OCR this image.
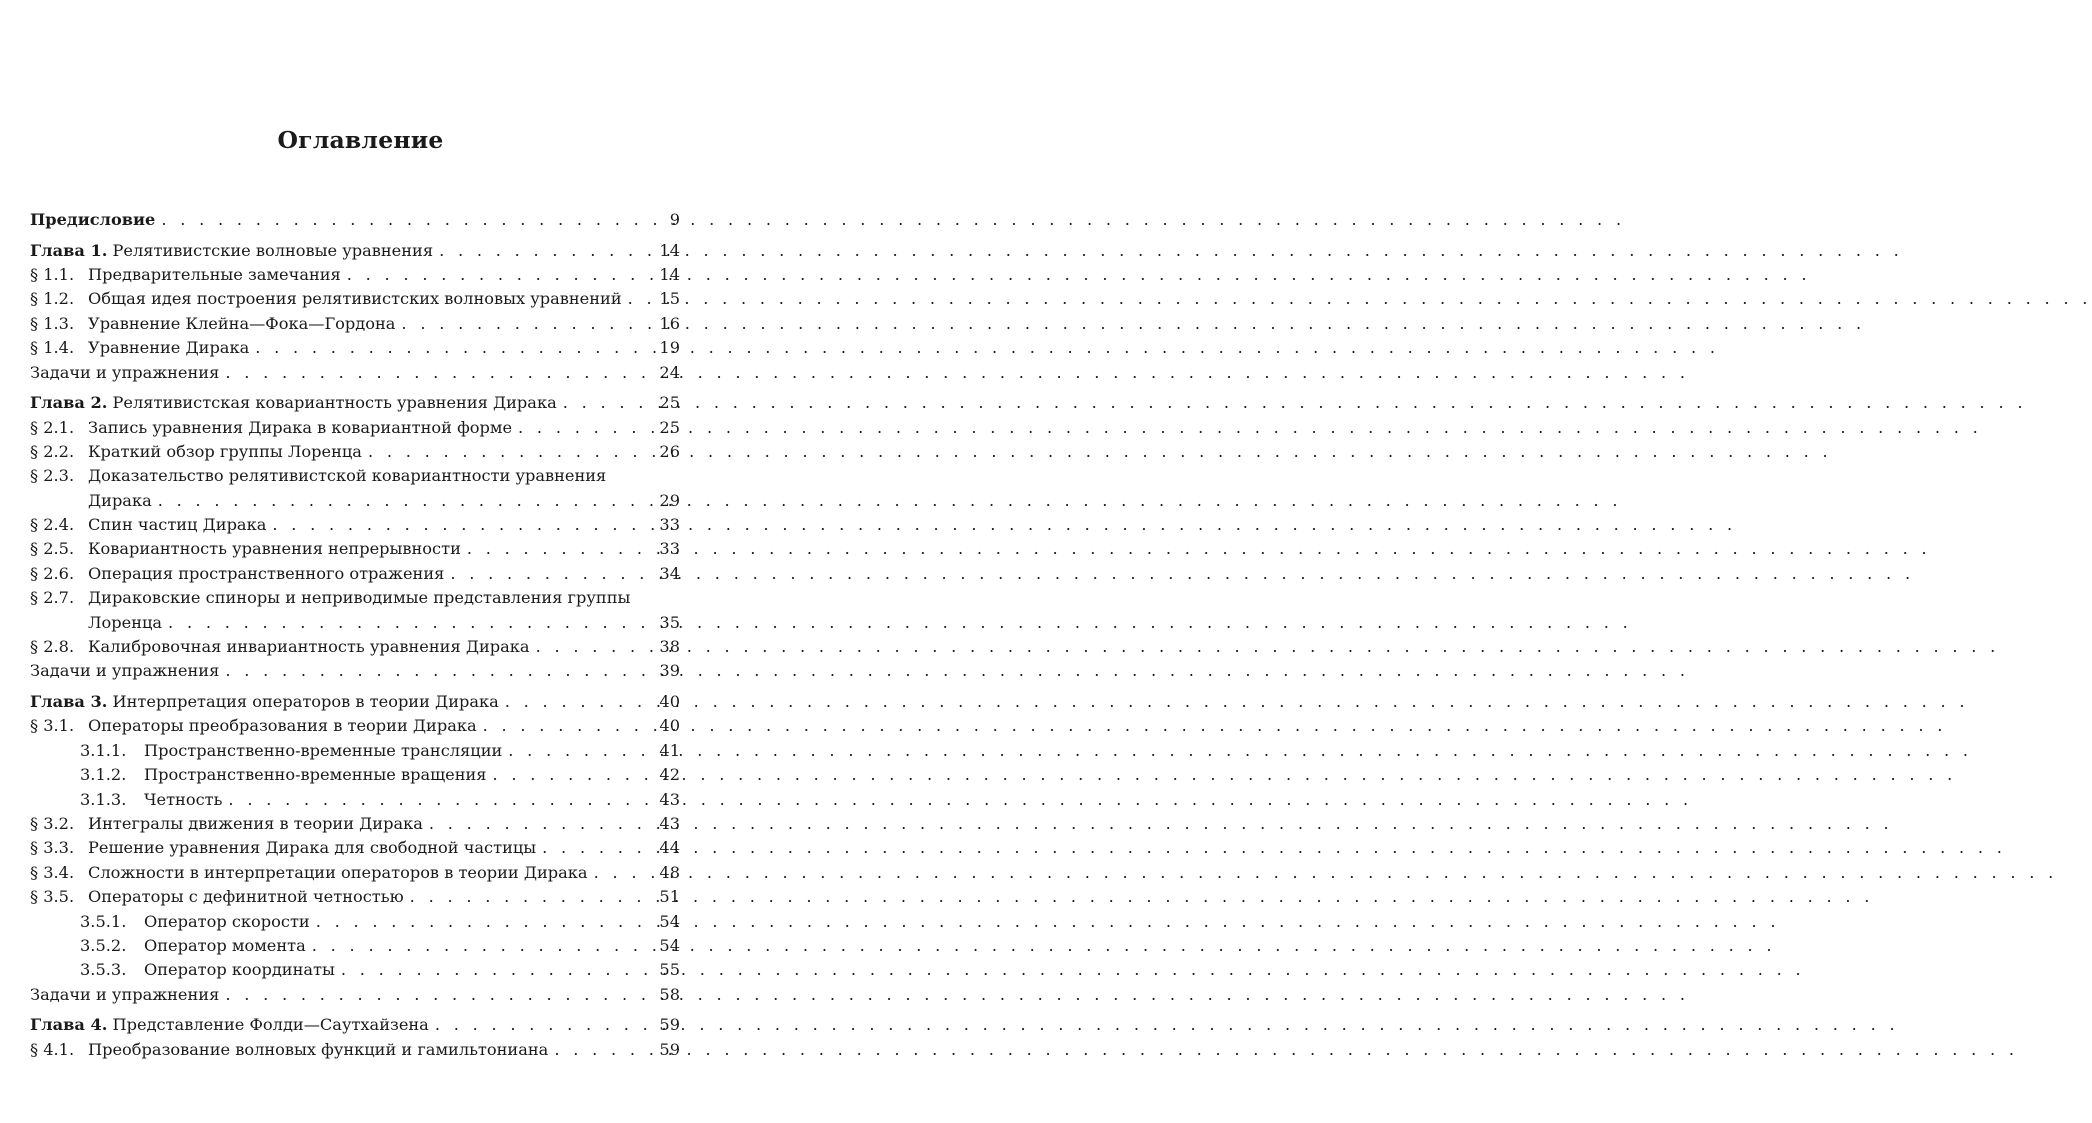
Оглавление
Предисловие . . .	9
Глава 1. Релятивистские волновые уравнения . . .	14
§ 1.1. Предварительные замечания . . .	14
§ 1.2. Общая идея построения релятивистских волновых уравнений . . . 15
§ 1.3. Уравнение Клейна—Фока—Гордона . . .	16
§ 1.4. Уравнение Дирака . . .	19
Задачи и упражнения . . .	24
Глава 2. Релятивистская ковариантность уравнения Дирака . . .	25
§ 2.1. Запись уравнения Дирака в ковариантной форме . . .	25
§ 2.2. Краткий обзор группы Лоренца . . .	26
§ 2.3. Доказательство релятивистской ковариантности уравнения
Дирака . . .	29
§ 2.4. Спин частиц Дирака . . .	33
§ 2.5. Ковариантность уравнения непрерывности . . .	33
§ 2.6. Операция пространственного отражения . . .	34
§ 2.7. Дираковские спиноры и неприводимые представления группы
Лоренца . . .	35
§ 2.8. Калибровочная инвариантность уравнения Дирака . . .	38
Задачи и упражнения . . .	39
Глава 3. Интерпретация операторов в теории Дирака . . .	40
§ 3.1. Операторы преобразования в теории Дирака . . .	40
3.1.1. Пространственно-временные трансляции . . .	41
3.1.2. Пространственно-временные вращения . . .	42
3.1.3. Четность . . .	43
§ 3.2. Интегралы движения в теории Дирака . . .	43
§ 3.3. Решение уравнения Дирака для свободной частицы . . .	44
§ 3.4. Сложности в интерпретации операторов в теории Дирака . . .	48
§ 3.5. Операторы с дефинитной четностью . . .	51
3.5.1. Оператор скорости . . .	54
3.5.2. Оператор момента . . .	54
3.5.3. Оператор координаты . . .	55
Задачи и упражнения . . .	58
Глава 4. Представление Фолди—Саутхайзена . . .	59
§ 4.1. Преобразование волновых функций и гамильтониана . . .	59
